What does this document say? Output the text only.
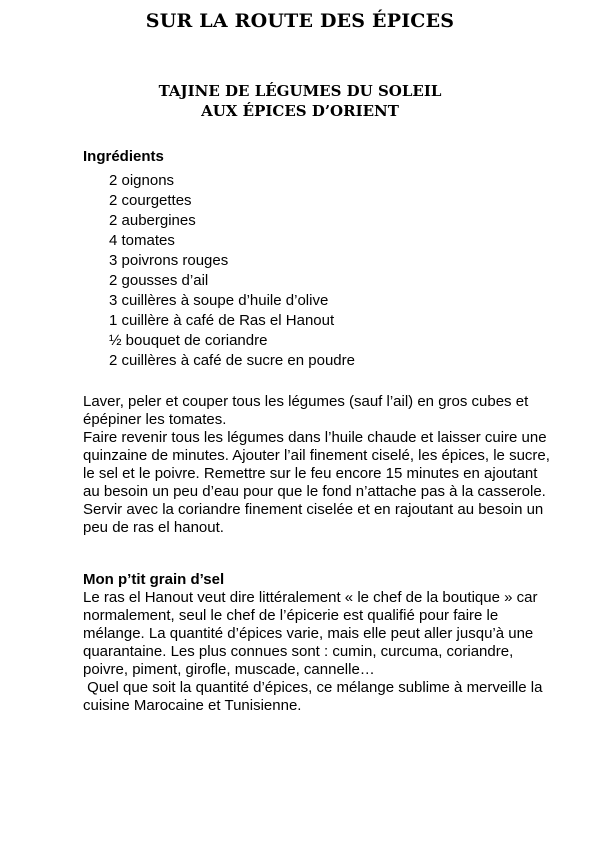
SUR LA ROUTE DES ÉPICES
TAJINE DE LÉGUMES DU SOLEIL
AUX ÉPICES D’ORIENT
Ingrédients
2 oignons
2 courgettes
2 aubergines
4 tomates
3 poivrons rouges
2 gousses d’ail
3 cuillères à soupe d’huile d’olive
1 cuillère à café de Ras el Hanout
½ bouquet de coriandre
2 cuillères à café de sucre en poudre

Laver, peler et couper tous les légumes (sauf l’ail) en gros cubes et épépiner les tomates.

Faire revenir tous les légumes dans l’huile chaude et laisser cuire une quinzaine de minutes. Ajouter l’ail finement ciselé, les épices, le sucre, le sel et le poivre. Remettre sur le feu encore 15 minutes en ajoutant au besoin un peu d’eau pour que le fond n’attache pas à la casserole.

Servir avec la coriandre finement ciselée et en rajoutant au besoin un peu de ras el hanout.

Mon p’tit grain d’sel

Le ras el Hanout veut dire littéralement « le chef de la boutique » car normalement, seul le chef de l’épicerie est qualifié pour faire le mélange. La quantité d’épices varie, mais elle peut aller jusqu’à une quarantaine. Les plus connues sont : cumin, curcuma, coriandre, poivre, piment, girofle, muscade, cannelle…

Quel que soit la quantité d’épices, ce mélange sublime à merveille la cuisine Marocaine et Tunisienne.
